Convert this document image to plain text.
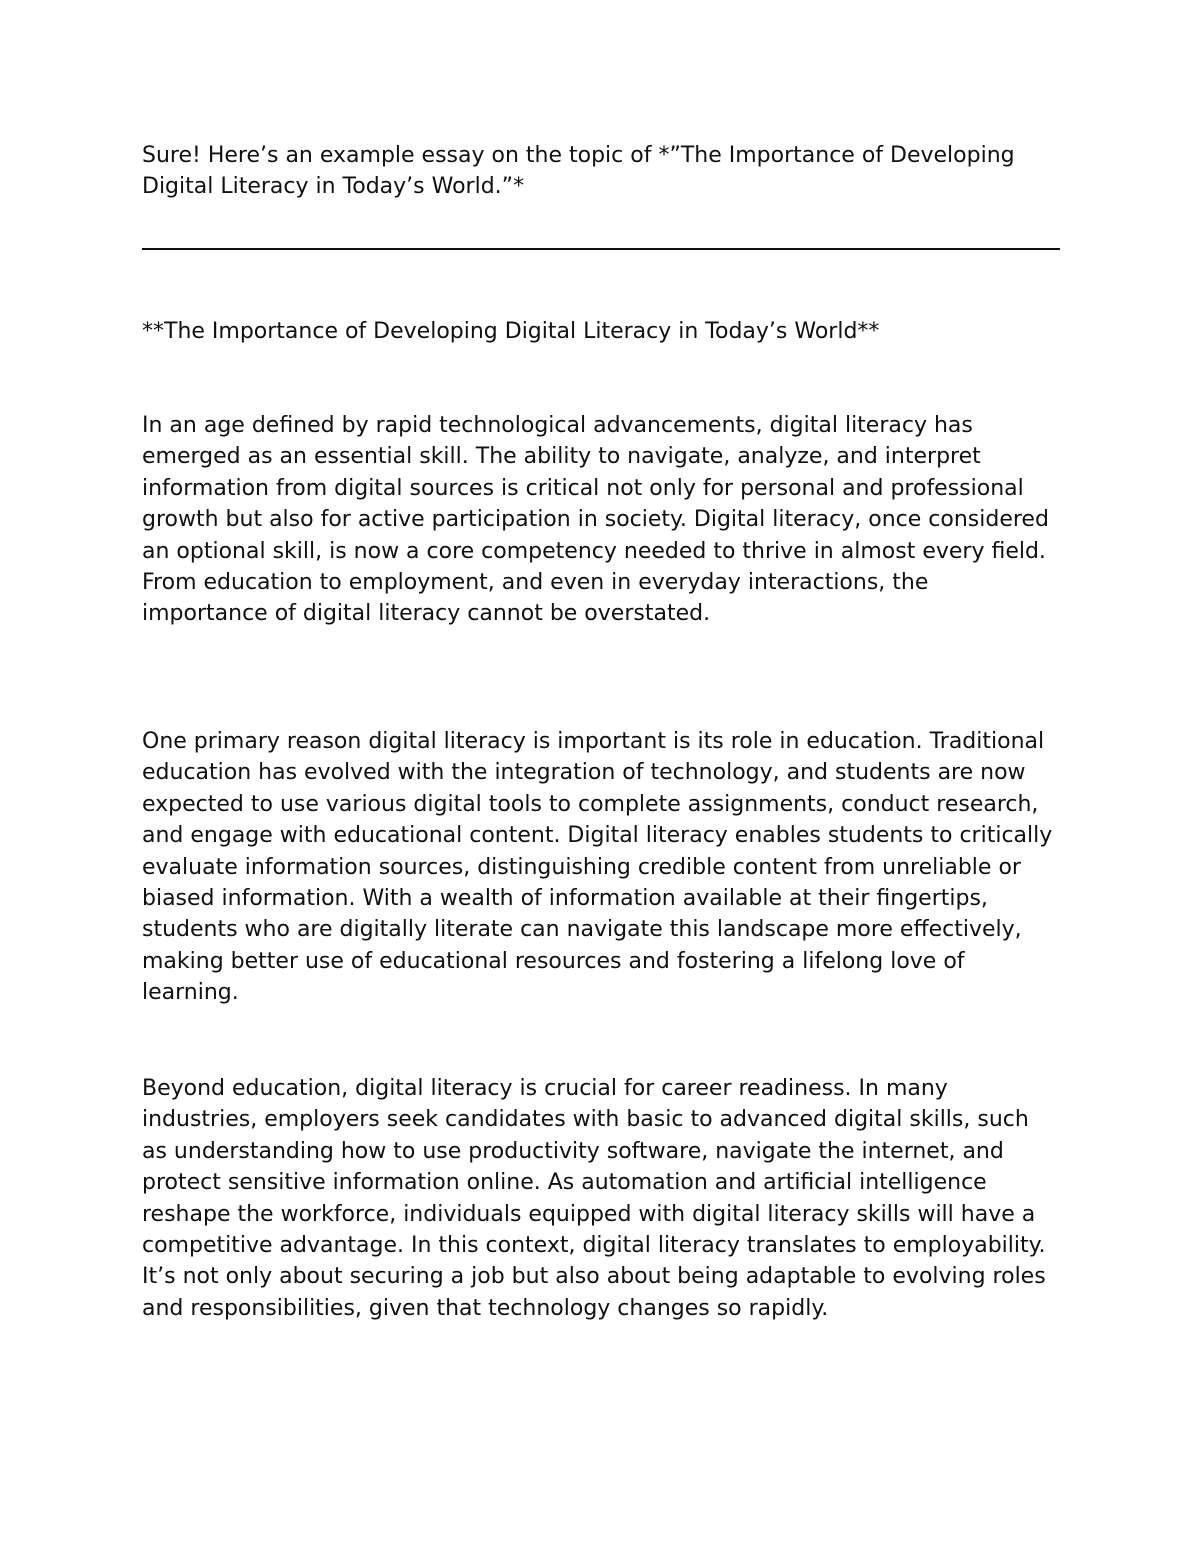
Sure! Here’s an example essay on the topic of *”The Importance of Developing Digital Literacy in Today’s World.”*

**The Importance of Developing Digital Literacy in Today’s World**

In an age defined by rapid technological advancements, digital literacy has emerged as an essential skill. The ability to navigate, analyze, and interpret information from digital sources is critical not only for personal and professional growth but also for active participation in society. Digital literacy, once considered an optional skill, is now a core competency needed to thrive in almost every field. From education to employment, and even in everyday interactions, the importance of digital literacy cannot be overstated.

One primary reason digital literacy is important is its role in education. Traditional education has evolved with the integration of technology, and students are now expected to use various digital tools to complete assignments, conduct research, and engage with educational content. Digital literacy enables students to critically evaluate information sources, distinguishing credible content from unreliable or biased information. With a wealth of information available at their fingertips, students who are digitally literate can navigate this landscape more effectively, making better use of educational resources and fostering a lifelong love of learning.

Beyond education, digital literacy is crucial for career readiness. In many industries, employers seek candidates with basic to advanced digital skills, such as understanding how to use productivity software, navigate the internet, and protect sensitive information online. As automation and artificial intelligence reshape the workforce, individuals equipped with digital literacy skills will have a competitive advantage. In this context, digital literacy translates to employability. It’s not only about securing a job but also about being adaptable to evolving roles and responsibilities, given that technology changes so rapidly.
